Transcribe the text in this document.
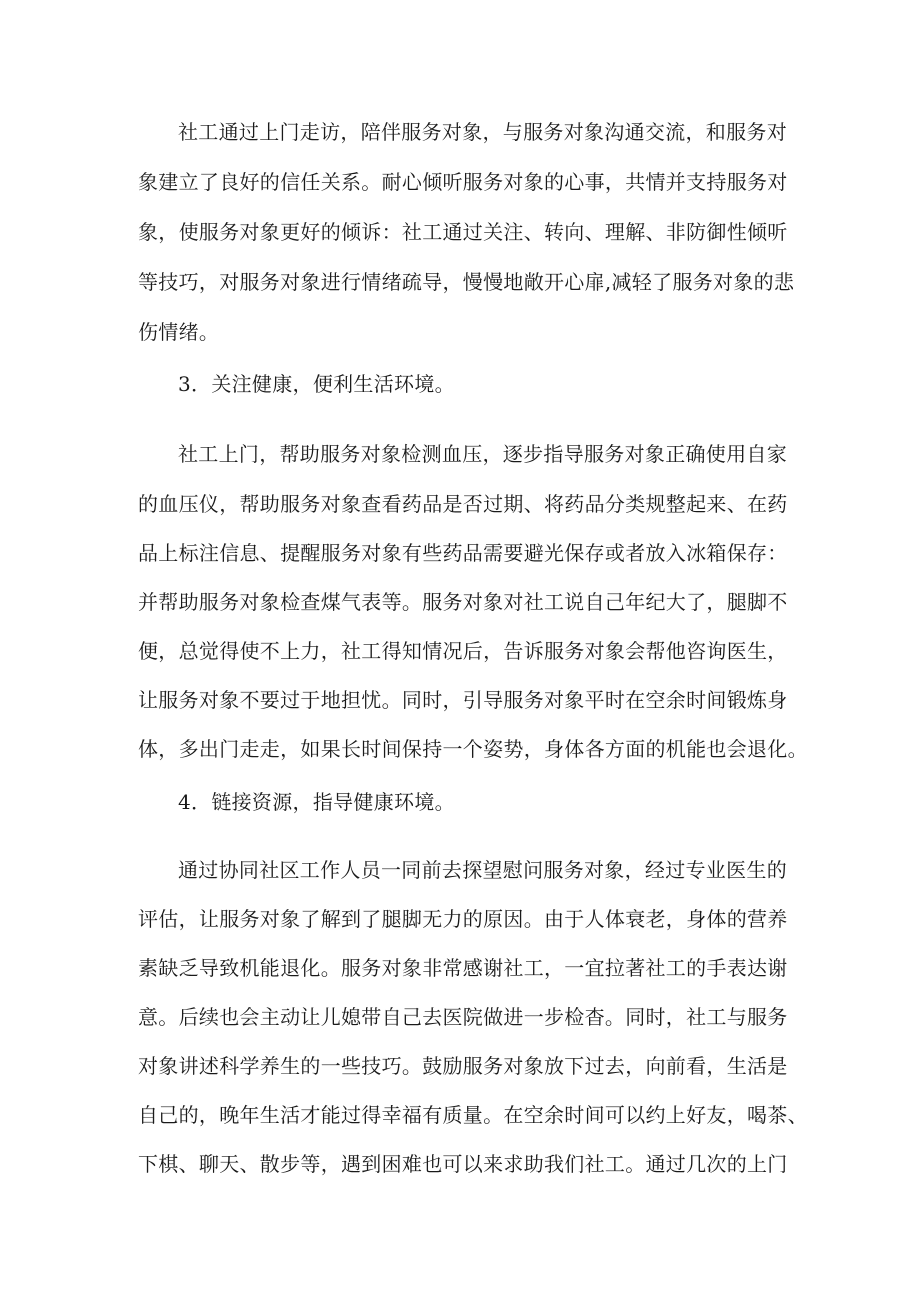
社工通过上门走访，陪伴服务对象，与服务对象沟通交流，和服务对
象建立了良好的信任关系。耐心倾听服务对象的心事，共情并支持服务对
象，使服务对象更好的倾诉：社工通过关注、转向、理解、非防御性倾听
等技巧，对服务对象进行情绪疏导，慢慢地敞开心扉,减轻了服务对象的悲
伤情绪。
3．关注健康，便利生活环境。
社工上门，帮助服务对象检测血压，逐步指导服务对象正确使用自家
的血压仪，帮助服务对象查看药品是否过期、将药品分类规整起来、在药
品上标注信息、提醒服务对象有些药品需要避光保存或者放入冰箱保存：
并帮助服务对象检查煤气表等。服务对象对社工说自己年纪大了，腿脚不
便，总觉得使不上力，社工得知情况后，告诉服务对象会帮他咨询医生，
让服务对象不要过于地担忧。同时，引导服务对象平时在空余时间锻炼身
体，多出门走走，如果长时间保持一个姿势，身体各方面的机能也会退化。
4．链接资源，指导健康环境。
通过协同社区工作人员一同前去探望慰问服务对象，经过专业医生的
评估，让服务对象了解到了腿脚无力的原因。由于人体衰老，身体的营养
素缺乏导致机能退化。服务对象非常感谢社工，一宜拉著社工的手表达谢
意。后续也会主动让儿媳带自己去医院做进一步检杳。同时，社工与服务
对象讲述科学养生的一些技巧。鼓励服务对象放下过去，向前看，生活是
自己的，晚年生活才能过得幸福有质量。在空余时间可以约上好友，喝茶、
下棋、聊天、散步等，遇到困难也可以来求助我们社工。通过几次的上门
